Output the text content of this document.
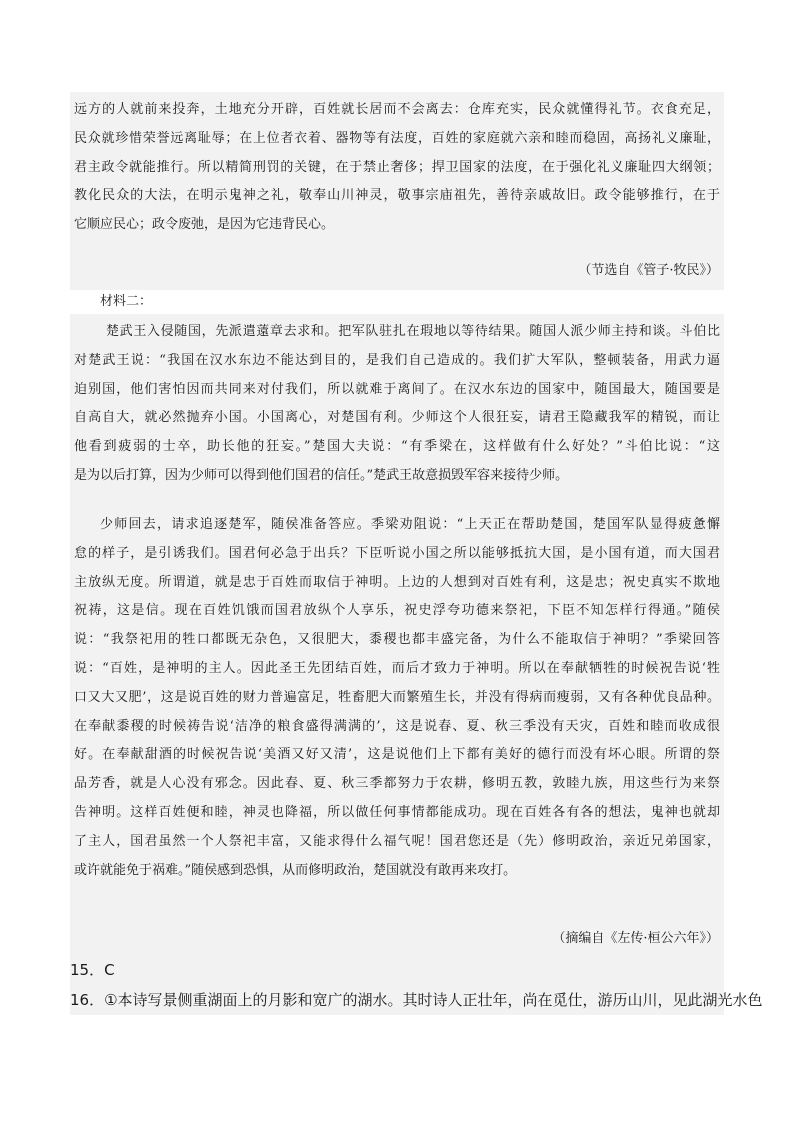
远方的人就前来投奔，土地充分开辟，百姓就长居而不会离去：仓库充实，民众就懂得礼节。衣食充足，

民众就珍惜荣誉远离耻辱；在上位者衣着、器物等有法度，百姓的家庭就六亲和睦而稳固，高扬礼义廉耻，

君主政令就能推行。所以精简刑罚的关键，在于禁止奢侈；捍卫国家的法度，在于强化礼义廉耻四大纲领；

教化民众的大法，在明示鬼神之礼，敬奉山川神灵，敬事宗庙祖先，善待亲戚故旧。政令能够推行，在于

它顺应民心；政令废弛，是因为它违背民心。

（节选自《管子·牧民》）
材料二：

楚武王入侵随国，先派遣薳章去求和。把军队驻扎在瑕地以等待结果。随国人派少师主持和谈。斗伯比

对楚武王说：“我国在汉水东边不能达到目的，是我们自己造成的。我们扩大军队，整顿装备，用武力逼

迫别国，他们害怕因而共同来对付我们，所以就难于离间了。在汉水东边的国家中，随国最大，随国要是

自高自大，就必然抛弃小国。小国离心，对楚国有利。少师这个人很狂妄，请君王隐藏我军的精锐，而让

他看到疲弱的士卒，助长他的狂妄。”楚国大夫说：“有季梁在，这样做有什么好处？”斗伯比说：“这

是为以后打算，因为少师可以得到他们国君的信任。”楚武王故意损毁军容来接待少师。

少师回去，请求追逐楚军，随侯准备答应。季梁劝阻说：“上天正在帮助楚国，楚国军队显得疲惫懈

怠的样子，是引诱我们。国君何必急于出兵？下臣听说小国之所以能够抵抗大国，是小国有道，而大国君

主放纵无度。所谓道，就是忠于百姓而取信于神明。上边的人想到对百姓有利，这是忠；祝史真实不欺地

祝祷，这是信。现在百姓饥饿而国君放纵个人享乐，祝史浮夸功德来祭祀，下臣不知怎样行得通。”随侯

说：“我祭祀用的牲口都既无杂色，又很肥大，黍稷也都丰盛完备，为什么不能取信于神明？”季梁回答

说：“百姓，是神明的主人。因此圣王先团结百姓，而后才致力于神明。所以在奉献牺牲的时候祝告说‘牲

口又大又肥’，这是说百姓的财力普遍富足，牲畜肥大而繁殖生长，并没有得病而瘦弱，又有各种优良品种。

在奉献黍稷的时候祷告说‘洁净的粮食盛得满满的’，这是说春、夏、秋三季没有天灾，百姓和睦而收成很

好。在奉献甜酒的时候祝告说‘美酒又好又清’，这是说他们上下都有美好的德行而没有坏心眼。所谓的祭

品芳香，就是人心没有邪念。因此春、夏、秋三季都努力于农耕，修明五教，敦睦九族，用这些行为来祭

告神明。这样百姓便和睦，神灵也降福，所以做任何事情都能成功。现在百姓各有各的想法，鬼神也就却

了主人，国君虽然一个人祭祀丰富，又能求得什么福气呢！国君您还是（先）修明政治，亲近兄弟国家，

或许就能免于祸难。”随侯感到恐惧，从而修明政治，楚国就没有敢再来攻打。

（摘编自《左传·桓公六年》）
15．C
16．①本诗写景侧重湖面上的月影和宽广的湖水。其时诗人正壮年，尚在觅仕，游历山川，见此湖光水色
